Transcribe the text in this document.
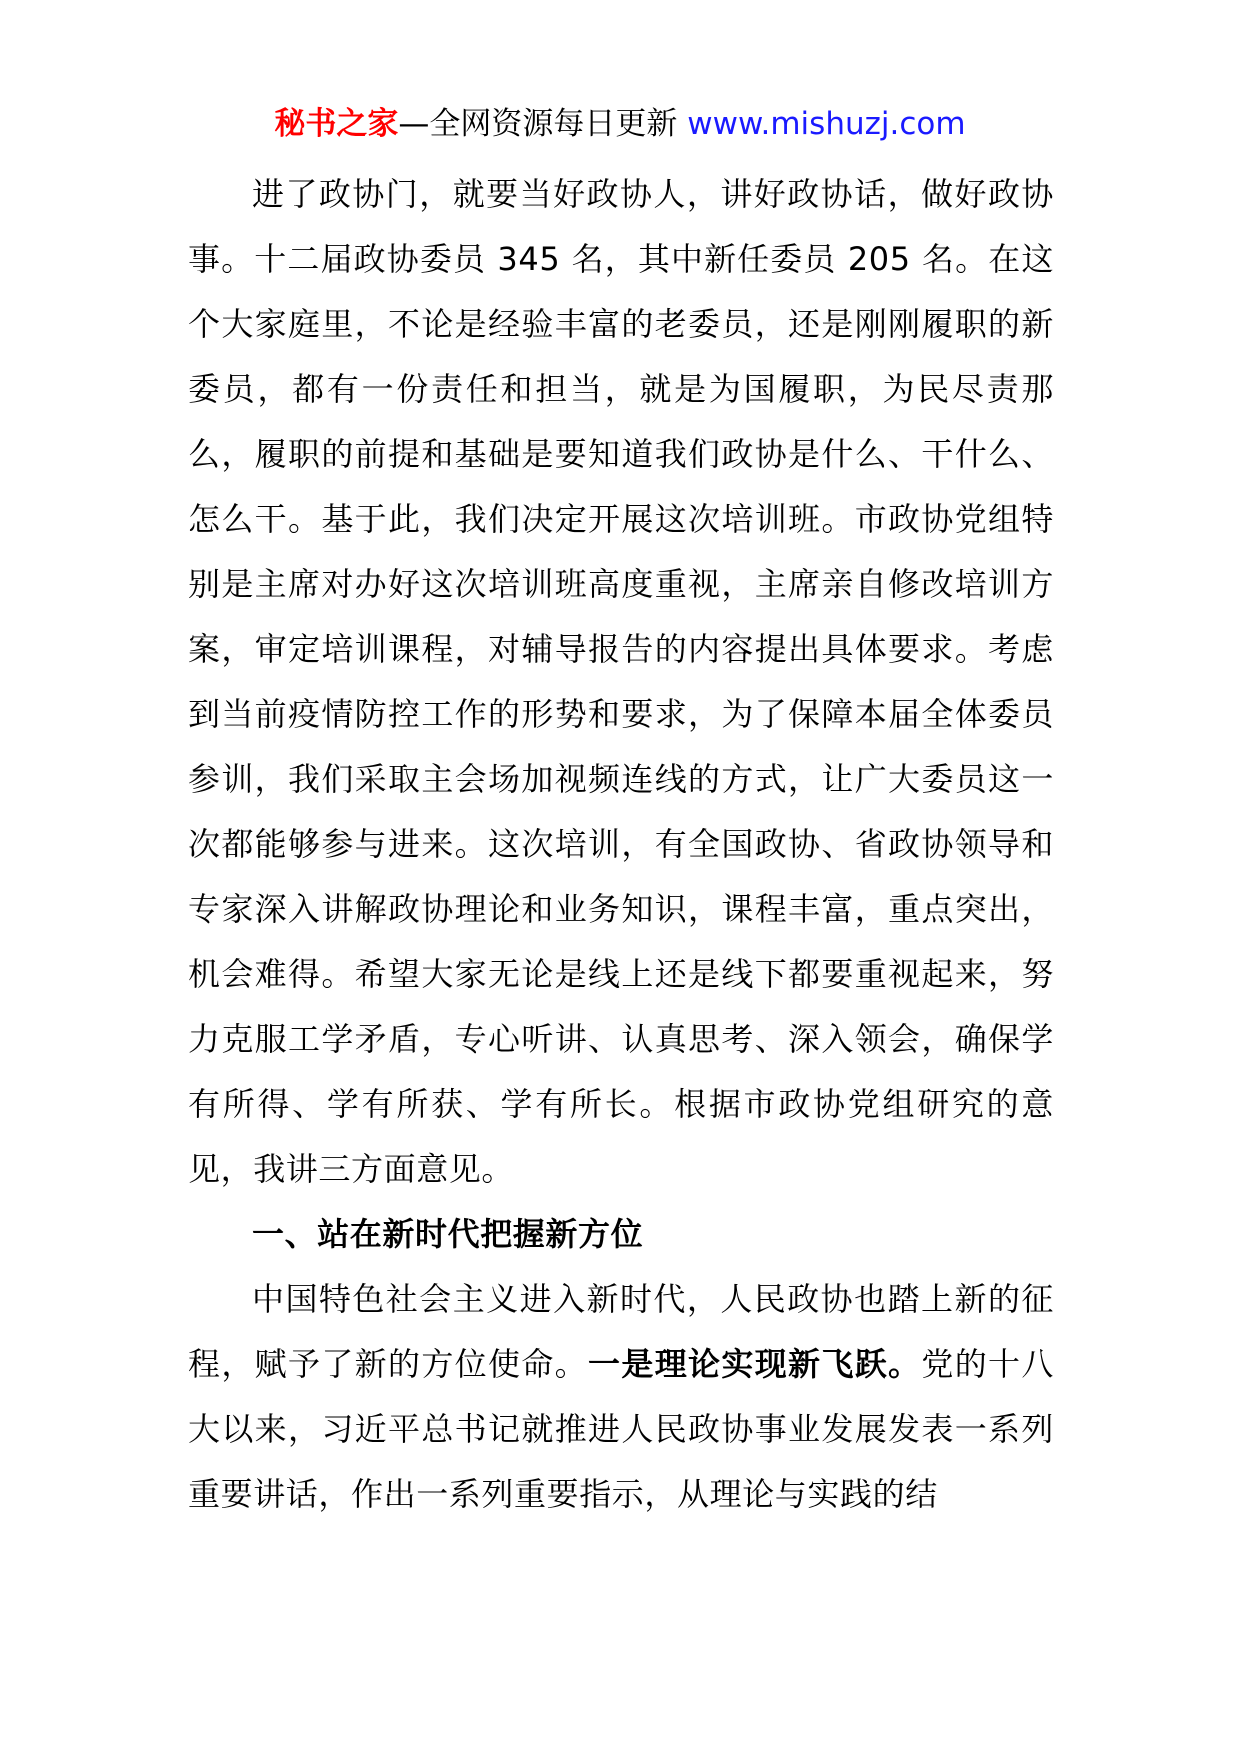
秘书之家—全网资源每日更新 www.mishuzj.com

进了政协门，就要当好政协人，讲好政协话，做好政协事。十二届政协委员 345 名，其中新任委员 205 名。在这个大家庭里，不论是经验丰富的老委员，还是刚刚履职的新委员，都有一份责任和担当，就是为国履职，为民尽责那么，履职的前提和基础是要知道我们政协是什么、干什么、怎么干。基于此，我们决定开展这次培训班。市政协党组特别是主席对办好这次培训班高度重视，主席亲自修改培训方案，审定培训课程，对辅导报告的内容提出具体要求。考虑到当前疫情防控工作的形势和要求，为了保障本届全体委员参训，我们采取主会场加视频连线的方式，让广大委员这一次都能够参与进来。这次培训，有全国政协、省政协领导和专家深入讲解政协理论和业务知识，课程丰富，重点突出，机会难得。希望大家无论是线上还是线下都要重视起来，努力克服工学矛盾，专心听讲、认真思考、深入领会，确保学有所得、学有所获、学有所长。根据市政协党组研究的意见，我讲三方面意见。

一、站在新时代把握新方位

中国特色社会主义进入新时代，人民政协也踏上新的征程，赋予了新的方位使命。一是理论实现新飞跃。党的十八大以来，习近平总书记就推进人民政协事业发展发表一系列重要讲话，作出一系列重要指示，从理论与实践的结
